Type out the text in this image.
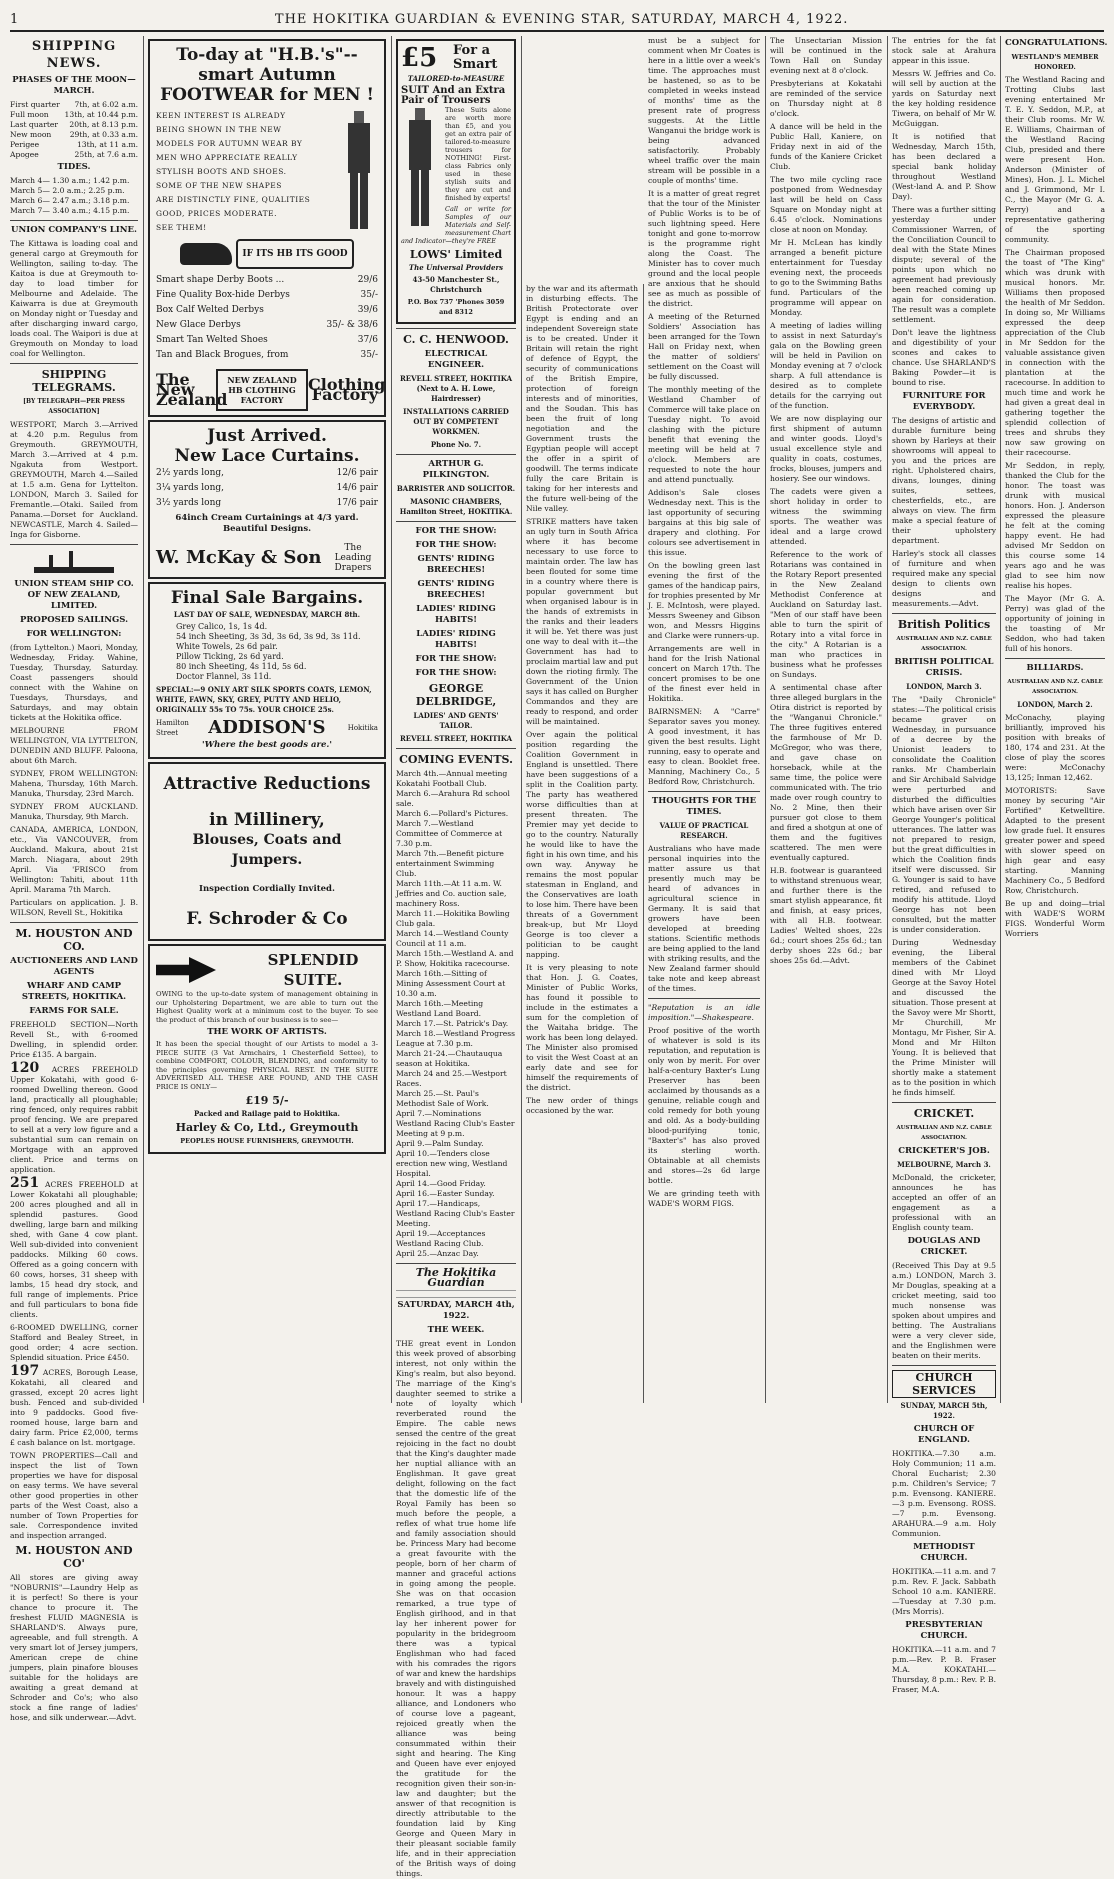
1	THE HOKITIKA GUARDIAN & EVENING STAR, SATURDAY, MARCH 4, 1922.
SHIPPING NEWS.
PHASES OF THE MOON—MARCH.
First quarter 7th, at 6.02 a.m.
Full moon 13th, at 10.44 p.m.
Last quarter 20th, at 8.13 p.m.
New moon 29th, at 0.33 a.m.
Perigee	13th, at 11 a.m.
Apogee	25th, at 7.6 a.m.
TIDES.
March 4— 1.30 a.m.; 1.42 p.m.
March 5— 2.0 a.m.; 2.25 p.m.
March 6— 2.47 a.m.; 3.18 p.m.
March 7— 3.40 a.m.; 4.15 p.m.
UNION COMPANY'S LINE.

The Kittawa is loading coal and general cargo at Greymouth for Wellington, sailing to-day. The Kaitoa is due at Greymouth to-day to load timber for Melbourne and Adelaide. The Kaiwarra is due at Greymouth on Monday night or Tuesday and after discharging inward cargo, loads coal. The Waipori is due at Greymouth on Monday to load coal for Wellington.

SHIPPING TELEGRAMS.
[BY TELEGRAPH—PER PRESS ASSOCIATION]

WESTPORT, March 3.—Arrived at 4.20 p.m. Regulus from Greymouth. GREYMOUTH, March 3.—Arrived at 4 p.m. Ngakuta from Westport. GREYMOUTH, March 4.—Sailed at 1.5 a.m. Gena for Lyttelton. LONDON, March 3. Sailed for Fremantle.—Otaki. Sailed from Panama.—Dorset for Auckland. NEWCASTLE, March 4. Sailed—Inga for Gisborne.

UNION STEAM SHIP CO. OF NEW ZEALAND, LIMITED.
PROPOSED SAILINGS.
FOR WELLINGTON:

(from Lyttelton.) Maori, Monday, Wednesday, Friday. Wahine, Tuesday, Thursday, Saturday. Coast passengers should connect with the Wahine on Tuesdays, Thursdays, and Saturdays, and may obtain tickets at the Hokitika office.

MELBOURNE FROM WELLINGTON, VIA LYTTELTON, DUNEDIN AND BLUFF. Paloona, about 6th March.

SYDNEY, FROM WELLINGTON: Mahena, Thursday, 16th March. Manuka, Thursday, 23rd March.

SYDNEY FROM AUCKLAND. Manuka, Thursday, 9th March.

CANADA, AMERICA, LONDON, etc., Via VANCOUVER, from Auckland. Makura, about 21st March. Niagara, about 29th April. Via 'FRISCO from Wellington: Tahiti, about 11th April. Marama 7th March.

Particulars on application. J. B. WILSON, Revell St., Hokitika

M. HOUSTON AND CO.
AUCTIONEERS AND LAND AGENTS
WHARF AND CAMP STREETS, HOKITIKA.
FARMS FOR SALE.

FREEHOLD SECTION—North Revell St., with 6-roomed Dwelling, in splendid order. Price £135. A bargain.

120 ACRES FREEHOLD Upper Kokatahi, with good 6-roomed Dwelling thereon. Good land, practically all ploughable; ring fenced, only requires rabbit proof fencing. We are prepared to sell at a very low figure and a substantial sum can remain on Mortgage with an approved client. Price and terms on application.

251 ACRES FREEHOLD at Lower Kokatahi all ploughable; 200 acres ploughed and all in splendid pastures. Good dwelling, large barn and milking shed, with Gane 4 cow plant. Well sub-divided into convenient paddocks. Milking 60 cows. Offered as a going concern with 60 cows, horses, 31 sheep with lambs, 15 head dry stock, and full range of implements. Price and full particulars to bona fide clients.

6-ROOMED DWELLING, corner Stafford and Bealey Street, in good order; 4 acre section. Splendid situation. Price £450.

197 ACRES, Borough Lease, Kokatahi, all cleared and grassed, except 20 acres light bush. Fenced and sub-divided into 9 paddocks. Good five-roomed house, large barn and dairy farm. Price £2,000, terms £ cash balance on lst. mortgage.

TOWN PROPERTIES—Call and inspect the list of Town properties we have for disposal on easy terms. We have several other good properties in other parts of the West Coast, also a number of Town Properties for sale. Correspondence invited and inspection arranged.

M. HOUSTON AND CO'

All stores are giving away "NOBURNIS"—Laundry Help as it is perfect! So there is your chance to procure it. The freshest FLUID MAGNESIA is SHARLAND'S. Always pure, agreeable, and full strength. A very smart lot of Jersey jumpers, American crepe de chine jumpers, plain pinafore blouses suitable for the holidays are awaiting a great demand at Schroder and Co's; who also stock a fine range of ladies' hose, and silk underwear.—Advt.

To-day at "H.B.'s"--smart Autumn FOOTWEAR for MEN !
KEEN INTEREST IS ALREADY
BEING SHOWN IN THE NEW
MODELS FOR AUTUMN WEAR BY
MEN WHO APPRECIATE REALLY
STYLISH BOOTS AND SHOES.
SOME OF THE NEW SHAPES
ARE DISTINCTLY FINE, QUALITIES GOOD, PRICES MODERATE.
SEE THEM!
IF ITS HB ITS GOOD
Smart shape Derby Boots ...	29/6
Fine Quality Box-hide Derbys	35/-
Box Calf Welted Derbys	39/6
New Glace Derbys	35/- & 38/6
Smart Tan Welted Shoes	37/6
Tan and Black Brogues, from	35/-
The New Zealand
NEW ZEALAND HB CLOTHING FACTORY
Clothing Factory
Just Arrived.
New Lace Curtains.
2½ yards long,	12/6 pair
3¼ yards long,	14/6 pair
3½ yards long	17/6 pair
64inch Cream Curtainings at 4/3 yard. Beautiful Designs.
W. McKay & Son	The Leading Drapers
Final Sale Bargains.
LAST DAY OF SALE, WEDNESDAY, MARCH 8th.
Grey Calico, 1s, 1s 4d.
54 inch Sheeting, 3s 3d, 3s 6d, 3s 9d, 3s 11d.
White Towels, 2s 6d pair.
Pillow Ticking, 2s 6d yard.
80 inch Sheeting, 4s 11d, 5s 6d.
Doctor Flannel, 3s 11d.
SPECIAL:—9 ONLY ART SILK SPORTS COATS, LEMON, WHITE, FAWN, SKY, GREY, PUTTY AND HELIO, ORIGINALLY 55s TO 75s. YOUR CHOICE 25s.
Hamilton Street	ADDISON'S	Hokitika
'Where the best goods are.'
Attractive Reductions
in Millinery,
Blouses, Coats and Jumpers.
Inspection Cordially Invited.
F. Schroder & Co
SPLENDID SUITE.

OWING to the up-to-date system of management obtaining in our Upholstering Department, we are able to turn out the Highest Quality work at a minimum cost to the buyer. To see the product of this branch of our business is to see—

THE WORK OF ARTISTS.

It has been the special thought of our Artists to model a 3-PIECE SUITE (3 Vat Armchairs, 1 Chesterfield Settee), to combine COMFORT, COLOUR, BLENDING, and conformity to the principles governing PHYSICAL REST. IN THE SUITE ADVERTISED ALL THESE ARE FOUND, AND THE CASH PRICE IS ONLY—

£19 5/-
Packed and Railage paid to Hokitika.
Harley & Co, Ltd., Greymouth
PEOPLES HOUSE FURNISHERS, GREYMOUTH.
£5 For a Smart
TAILORED-to-MEASURE
SUIT And an Extra Pair of Trousers

These Suits alone are worth more than £5, and you get an extra pair of tailored-to-measure trousers for NOTHING! First-class Fabrics only used in these stylish suits and they are cut and finished by experts!

Call or write for Samples of our Materials and Self-measurement Chart and Indicator—they're FREE

LOWS' Limited
The Universal Providers
43-50 Manchester St., Christchurch
P.O. Box 737 'Phones 3059 and 8312
C. C. HENWOOD.
ELECTRICAL ENGINEER.
REVELL STREET, HOKITIKA (Next to A. H. Lowe, Hairdresser)
INSTALLATIONS CARRIED OUT BY COMPETENT WORKMEN.
Phone No. 7.
ARTHUR G. PILKINGTON.
BARRISTER AND SOLICITOR.
MASONIC CHAMBERS, Hamilton Street, HOKITIKA.
FOR THE SHOW:
FOR THE SHOW:
GENTS' RIDING BREECHES!
GENTS' RIDING BREECHES!
LADIES' RIDING HABITS!
LADIES' RIDING HABITS!
FOR THE SHOW:
FOR THE SHOW:
GEORGE DELBRIDGE,
LADIES' AND GENTS' TAILOR.
REVELL STREET, HOKITIKA
COMING EVENTS.
March 4th.—Annual meeting Kokatahi Football Club.
March 6.—Arahura Rd school sale.
March 6.—Pollard's Pictures.
March 7.—Westland Committee of Commerce at 7.30 p.m.
March 7th.—Benefit picture entertainment Swimming Club.
March 11th.—At 11 a.m. W. Jeffries and Co. auction sale, machinery Ross.
March 11.—Hokitika Bowling Club gala.
March 14.—Westland County Council at 11 a.m.
March 15th.—Westland A. and P. Show, Hokitika racecourse.
March 16th.—Sitting of Mining Assessment Court at 10.30 a.m.
March 16th.—Meeting Westland Land Board.
March 17.—St. Patrick's Day.
March 18.—Westland Progress League at 7.30 p.m.
March 21-24.—Chautauqua season at Hokitika.
March 24 and 25.—Westport Races.
March 25.—St. Paul's Methodist Sale of Work.
April 7.—Nominations Westland Racing Club's Easter Meeting at 9 p.m.
April 9.—Palm Sunday.
April 10.—Tenders close erection new wing, Westland Hospital.
April 14.—Good Friday.
April 16.—Easter Sunday.
April 17.—Handicaps, Westland Racing Club's Easter Meeting.
April 19.—Acceptances Westland Racing Club.
April 25.—Anzac Day.
The Hokitika Guardian
SATURDAY, MARCH 4th, 1922.
THE WEEK.

THE great event in London this week proved of absorbing interest, not only within the King's realm, but also beyond. The marriage of the King's daughter seemed to strike a note of loyalty which reverberated round the Empire. The cable news sensed the centre of the great rejoicing in the fact no doubt that the King's daughter made her nuptial alliance with an Englishman. It gave great delight, following on the fact that the domestic life of the Royal Family has been so much before the people, a reflex of what true home life and family association should be. Princess Mary had become a great favourite with the people, born of her charm of manner and graceful actions in going among the people. She was on that occasion remarked, a true type of English girlhood, and in that lay her inherent power for popularity in the bridegroom there was a typical Englishman who had faced with his comrades the rigors of war and knew the hardships bravely and with distinguished honour. It was a happy alliance, and Londoners who of course love a pageant, rejoiced greatly when the alliance was being consummated within their sight and hearing. The King and Queen have ever enjoyed the gratitude for the recognition given their son-in-law and daughter; but the answer of that recognition is directly attributable to the foundation laid by King George and Queen Mary in their pleasant sociable family life, and in their appreciation of the British ways of doing things.

by the war and its aftermath in disturbing effects. The British Protectorate over Egypt is ending and an independent Sovereign state is to be created. Under it Britain will retain the right of defence of Egypt, the security of communications of the British Empire, protection of foreign interests and of minorities, and the Soudan. This has been the fruit of long negotiation and the Government trusts the Egyptian people will accept the offer in a spirit of goodwill. The terms indicate fully the care Britain is taking for her interests and the future well-being of the Nile valley.

STRIKE matters have taken an ugly turn in South Africa where it has become necessary to use force to maintain order. The law has been flouted for some time in a country where there is popular government but when organised labour is in the hands of extremists in the ranks and their leaders it will be. Yet there was just one way to deal with it—the Government has had to proclaim martial law and put down the rioting firmly. The Government of the Union says it has called on Burgher Commandos and they are ready to respond, and order will be maintained.

Over again the political position regarding the Coalition Government in England is unsettled. There have been suggestions of a split in the Coalition party. The party has weathered worse difficulties than at present threaten. The Premier may yet decide to go to the country. Naturally he would like to have the fight in his own time, and his own way. Anyway he remains the most popular statesman in England, and the Conservatives are loath to lose him. There have been threats of a Government break-up, but Mr Lloyd George is too clever a politician to be caught napping.

It is very pleasing to note that Hon. J. G. Coates, Minister of Public Works, has found it possible to include in the estimates a sum for the completion of the Waitaha bridge. The work has been long delayed. The Minister also promised to visit the West Coast at an early date and see for himself the requirements of the district.

The new order of things occasioned by the war.

must be a subject for comment when Mr Coates is here in a little over a week's time. The approaches must be hastened, so as to be completed in weeks instead of months' time as the present rate of progress suggests. At the Little Wanganui the bridge work is being advanced satisfactorily. Probably wheel traffic over the main stream will be possible in a couple of months' time.

It is a matter of great regret that the tour of the Minister of Public Works is to be of such lightning speed. Here tonight and gone to-morrow is the programme right along the Coast. The Minister has to cover much ground and the local people are anxious that he should see as much as possible of the district.

A meeting of the Returned Soldiers' Association has been arranged for the Town Hall on Friday next, when the matter of soldiers' settlement on the Coast will be fully discussed.

The monthly meeting of the Westland Chamber of Commerce will take place on Tuesday night. To avoid clashing with the picture benefit that evening the meeting will be held at 7 o'clock. Members are requested to note the hour and attend punctually.

Addison's Sale closes Wednesday next. This is the last opportunity of securing bargains at this big sale of drapery and clothing. For colours see advertisement in this issue.

On the bowling green last evening the first of the games of the handicap pairs, for trophies presented by Mr J. E. McIntosh, were played. Messrs Sweeney and Gibson won, and Messrs Higgins and Clarke were runners-up.

Arrangements are well in hand for the Irish National concert on March 17th. The concert promises to be one of the finest ever held in Hokitika.

BAIRNSMEN: A "Carre" Separator saves you money. A good investment, it has given the best results. Light running, easy to operate and easy to clean. Booklet free. Manning, Machinery Co., 5 Bedford Row, Christchurch.

THOUGHTS FOR THE TIMES.
VALUE OF PRACTICAL RESEARCH.

Australians who have made personal inquiries into the matter assure us that presently much may be heard of advances in agricultural science in Germany. It is said that growers have been developed at breeding stations. Scientific methods are being applied to the land with striking results, and the New Zealand farmer should take note and keep abreast of the times.

"Reputation is an idle imposition."—Shakespeare.

Proof positive of the worth of whatever is sold is its reputation, and reputation is only won by merit. For over half-a-century Baxter's Lung Preserver has been acclaimed by thousands as a genuine, reliable cough and cold remedy for both young and old. As a body-building blood-purifying tonic, "Baxter's" has also proved its sterling worth. Obtainable at all chemists and stores—2s 6d large bottle.

We are grinding teeth with WADE'S WORM FIGS.

The Unsectarian Mission will be continued in the Town Hall on Sunday evening next at 8 o'clock.

Presbyterians at Kokatahi are reminded of the service on Thursday night at 8 o'clock.

A dance will be held in the Public Hall, Kaniere, on Friday next in aid of the funds of the Kaniere Cricket Club.

The two mile cycling race postponed from Wednesday last will be held on Cass Square on Monday night at 6.45 o'clock. Nominations close at noon on Monday.

Mr H. McLean has kindly arranged a benefit picture entertainment for Tuesday evening next, the proceeds to go to the Swimming Baths fund. Particulars of the programme will appear on Monday.

A meeting of ladies willing to assist in next Saturday's gala on the Bowling green will be held in Pavilion on Monday evening at 7 o'clock sharp. A full attendance is desired as to complete details for the carrying out of the function.

We are now displaying our first shipment of autumn and winter goods. Lloyd's usual excellence style and quality in coats, costumes, frocks, blouses, jumpers and hosiery. See our windows.

The cadets were given a short holiday in order to witness the swimming sports. The weather was ideal and a large crowd attended.

Reference to the work of Rotarians was contained in the Rotary Report presented in the New Zealand Methodist Conference at Auckland on Saturday last. "Men of our staff have been able to turn the spirit of Rotary into a vital force in the city." A Rotarian is a man who practices in business what he professes on Sundays.

A sentimental chase after three alleged burglars in the Otira district is reported by the "Wanganui Chronicle." The three fugitives entered the farmhouse of Mr D. McGregor, who was there, and gave chase on horseback, while at the same time, the police were communicated with. The trio made over rough country to No. 2 Mine, then their pursuer got close to them and fired a shotgun at one of them and the fugitives scattered. The men were eventually captured.

H.B. footwear is guaranteed to withstand strenuous wear, and further there is the smart stylish appearance, fit and finish, at easy prices, with all H.B. footwear. Ladies' Welted shoes, 22s 6d.; court shoes 25s 6d.; tan derby shoes 22s 6d.; bar shoes 25s 6d.—Advt.

The entries for the fat stock sale at Arahura appear in this issue.

Messrs W. Jeffries and Co. will sell by auction at the yards on Saturday next the key holding residence Tiwera, on behalf of Mr W. McGuiggan.

It is notified that Wednesday, March 15th, has been declared a special bank holiday throughout Westland (West-land A. and P. Show Day).

There was a further sitting yesterday under Commissioner Warren, of the Conciliation Council to deal with the State Mines dispute; several of the points upon which no agreement had previously been reached coming up again for consideration. The result was a complete settlement.

Don't leave the lightness and digestibility of your scones and cakes to chance. Use SHARLAND'S Baking Powder—it is bound to rise.

FURNITURE FOR EVERYBODY.

The designs of artistic and durable furniture being shown by Harleys at their showrooms will appeal to you and the prices are right. Upholstered chairs, divans, lounges, dining suites, settees, chesterfields, etc., are always on view. The firm make a special feature of their upholstery department.

Harley's stock all classes of furniture and when required make any special design to clients own designs and measurements.—Advt.

British Politics
AUSTRALIAN AND N.Z. CABLE ASSOCIATION.
BRITISH POLITICAL CRISIS.
LONDON, March 3.

The "Daily Chronicle" states:—The political crisis became graver on Wednesday, in pursuance of a decree by the Unionist leaders to consolidate the Coalition ranks. Mr Chamberlain and Sir Archibald Salvidge were perturbed and disturbed the difficulties which have arisen over Sir George Younger's political utterances. The latter was not prepared to resign, but the great difficulties in which the Coalition finds itself were discussed. Sir G. Younger is said to have retired, and refused to modify his attitude. Lloyd George has not been consulted, but the matter is under consideration.

During Wednesday evening, the Liberal members of the Cabinet dined with Mr Lloyd George at the Savoy Hotel and discussed the situation. Those present at the Savoy were Mr Shortt, Mr Churchill, Mr Montagu, Mr Fisher, Sir A. Mond and Mr Hilton Young. It is believed that the Prime Minister will shortly make a statement as to the position in which he finds himself.

CRICKET.
AUSTRALIAN AND N.Z. CABLE ASSOCIATION.
CRICKETER'S JOB.
MELBOURNE, March 3.

McDonald, the cricketer, announces he has accepted an offer of an engagement as a professional with an English county team.

DOUGLAS AND CRICKET.

(Received This Day at 9.5 a.m.) LONDON, March 3. Mr Douglas, speaking at a cricket meeting, said too much nonsense was spoken about umpires and betting. The Australians were a very clever side, and the Englishmen were beaten on their merits.

CHURCH SERVICES
SUNDAY, MARCH 5th, 1922.
CHURCH OF ENGLAND.

HOKITIKA.—7.30 a.m. Holy Communion; 11 a.m. Choral Eucharist; 2.30 p.m. Children's Service; 7 p.m. Evensong. KANIERE.—3 p.m. Evensong. ROSS.—7 p.m. Evensong. ARAHURA.—9 a.m. Holy Communion.

METHODIST CHURCH.

HOKITIKA.—11 a.m. and 7 p.m. Rev. F. Jack. Sabbath School 10 a.m. KANIERE.—Tuesday at 7.30 p.m. (Mrs Morris).

PRESBYTERIAN CHURCH.

HOKITIKA.—11 a.m. and 7 p.m.—Rev. P. B. Fraser M.A. KOKATAHI.—Thursday, 8 p.m.: Rev. P. B. Fraser, M.A.

CONGRATULATIONS.
WESTLAND'S MEMBER HONORED.

The Westland Racing and Trotting Clubs last evening entertained Mr T. E. Y. Seddon, M.P., at their Club rooms. Mr W. E. Williams, Chairman of the Westland Racing Club, presided and there were present Hon. Anderson (Minister of Mines), Hon. J. L. Michel and J. Grimmond, Mr I. C., the Mayor (Mr G. A. Perry) and a representative gathering of the sporting community.

The Chairman proposed the toast of "The King" which was drunk with musical honors. Mr. Williams then proposed the health of Mr Seddon. In doing so, Mr Williams expressed the deep appreciation of the Club in Mr Seddon for the valuable assistance given in connection with the plantation at the racecourse. In addition to much time and work he had given a great deal in gathering together the splendid collection of trees and shrubs they now saw growing on their racecourse.

Mr Seddon, in reply, thanked the Club for the honor. The toast was drunk with musical honors. Hon. J. Anderson expressed the pleasure he felt at the coming happy event. He had advised Mr Seddon on this course some 14 years ago and he was glad to see him now realise his hopes.

The Mayor (Mr G. A. Perry) was glad of the opportunity of joining in the toasting of Mr Seddon, who had taken full of his honors.

BILLIARDS.
AUSTRALIAN AND N.Z. CABLE ASSOCIATION.
LONDON, March 2.

McConachy, playing brilliantly, improved his position with breaks of 180, 174 and 231. At the close of play the scores were: McConachy 13,125; Inman 12,462.

MOTORISTS: Save money by securing "Air Fortified" Ketwelltire. Adapted to the present low grade fuel. It ensures greater power and speed with slower speed on high gear and easy starting. Manning Machinery Co., 5 Bedford Row, Christchurch.

Be up and doing—trial with WADE'S WORM FIGS. Wonderful Worm Worriers
